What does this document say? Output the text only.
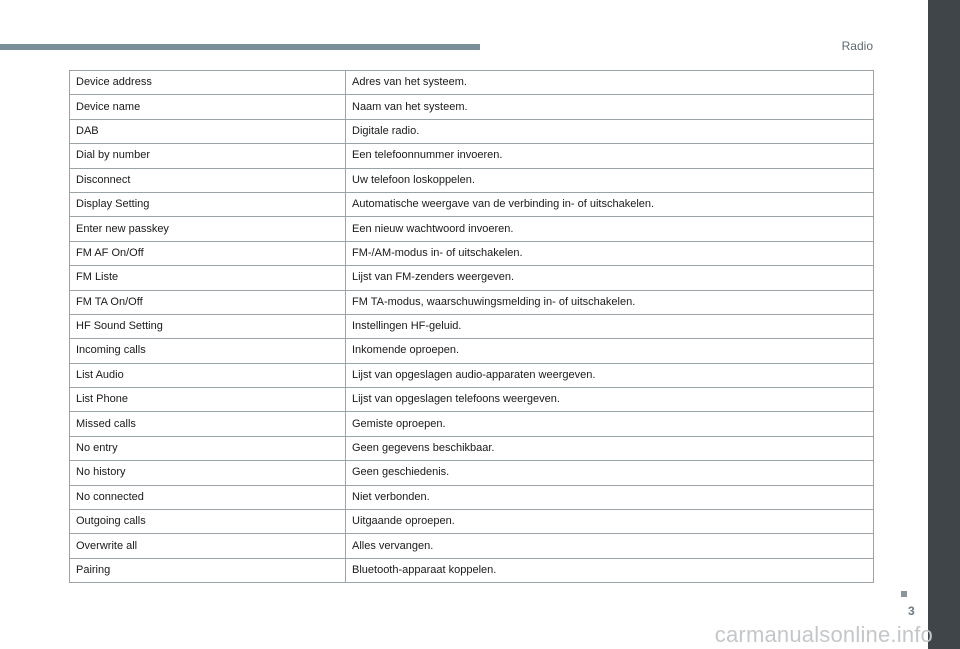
Radio
Device address	Adres van het systeem.
Device name	Naam van het systeem.
DAB	Digitale radio.
Dial by number	Een telefoonnummer invoeren.
Disconnect	Uw telefoon loskoppelen.
Display Setting	Automatische weergave van de verbinding in- of uitschakelen.
Enter new passkey	Een nieuw wachtwoord invoeren.
FM AF On/Off	FM-/AM-modus in- of uitschakelen.
FM Liste	Lijst van FM-zenders weergeven.
FM TA On/Off	FM TA-modus, waarschuwingsmelding in- of uitschakelen.
HF Sound Setting	Instellingen HF-geluid.
Incoming calls	Inkomende oproepen.
List Audio	Lijst van opgeslagen audio-apparaten weergeven.
List Phone	Lijst van opgeslagen telefoons weergeven.
Missed calls	Gemiste oproepen.
No entry	Geen gegevens beschikbaar.
No history	Geen geschiedenis.
No connected	Niet verbonden.
Outgoing calls	Uitgaande oproepen.
Overwrite all	Alles vervangen.
Pairing	Bluetooth-apparaat koppelen.
3
carmanualsonline.info
